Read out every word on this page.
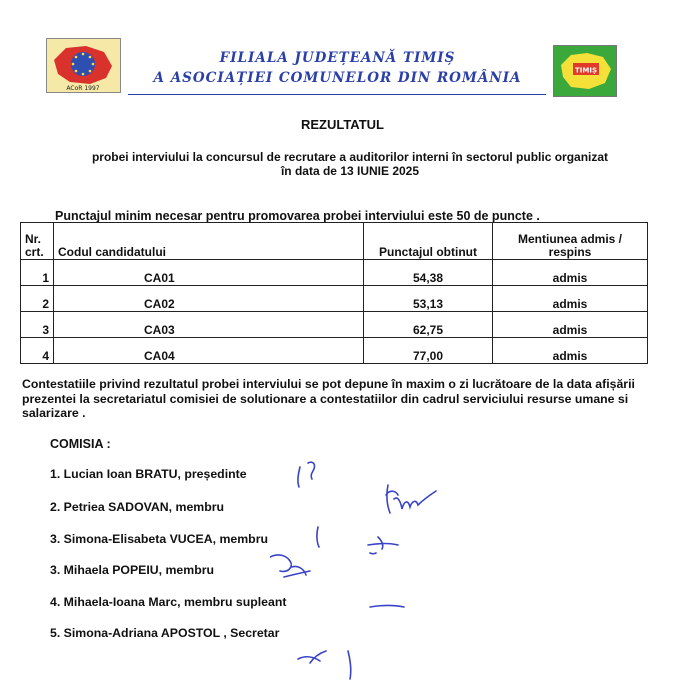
ACoR 1997
FILIALA JUDEȚEANĂ TIMIȘ
A ASOCIAȚIEI COMUNELOR DIN ROMÂNIA	TIMIȘ
REZULTATUL
probei interviului la concursul de recrutare a auditorilor interni în sectorul public organizat
în data de 13 IUNIE 2025
Punctajul minim necesar pentru promovarea probei interviului este 50 de puncte .
Nr. crt.	Codul candidatului	Punctajul obtinut	Mentiunea admis / respins
1	CA01	54,38	admis
2	CA02	53,13	admis
3	CA03	62,75	admis
4	CA04	77,00	admis
Contestatiile privind rezultatul probei interviului se pot depune în maxim o zi lucrătoare de la data afișării prezentei la secretariatul comisiei de solutionare a contestatiilor din cadrul serviciului resurse umane si salarizare .
COMISIA :
1. Lucian Ioan BRATU, președinte
2. Petriea SADOVAN, membru
3. Simona-Elisabeta VUCEA, membru
3. Mihaela POPEIU, membru
4. Mihaela-Ioana Marc, membru supleant
5. Simona-Adriana APOSTOL , Secretar
